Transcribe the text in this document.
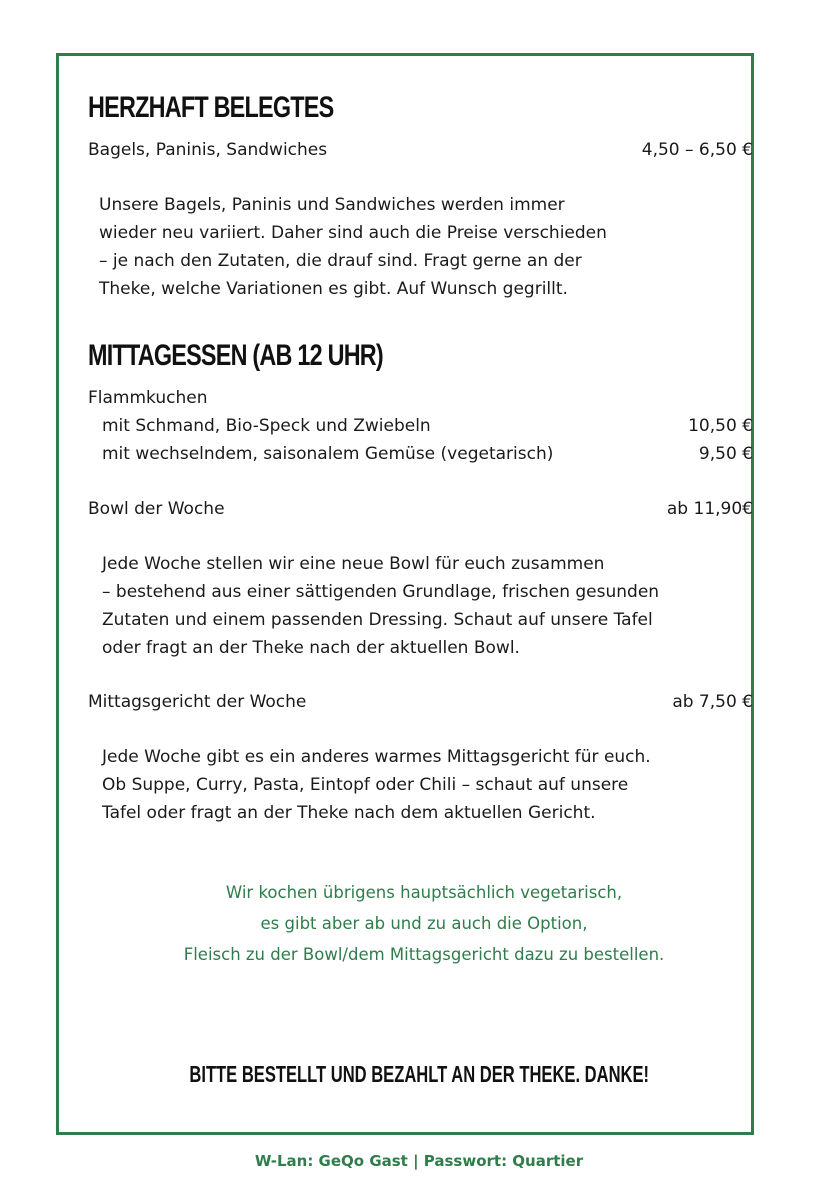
HERZHAFT BELEGTES
Bagels, Paninis, Sandwiches	4,50 – 6,50 €
Unsere Bagels, Paninis und Sandwiches werden immer
wieder neu variiert. Daher sind auch die Preise verschieden
– je nach den Zutaten, die drauf sind. Fragt gerne an der
Theke, welche Variationen es gibt. Auf Wunsch gegrillt.
MITTAGESSEN (AB 12 UHR)
Flammkuchen
mit Schmand, Bio-Speck und Zwiebeln	10,50 €
mit wechselndem, saisonalem Gemüse (vegetarisch)	9,50 €
Bowl der Woche	ab 11,90€
Jede Woche stellen wir eine neue Bowl für euch zusammen
– bestehend aus einer sättigenden Grundlage, frischen gesunden
Zutaten und einem passenden Dressing. Schaut auf unsere Tafel
oder fragt an der Theke nach der aktuellen Bowl.
Mittagsgericht der Woche	ab 7,50 €
Jede Woche gibt es ein anderes warmes Mittagsgericht für euch.
Ob Suppe, Curry, Pasta, Eintopf oder Chili – schaut auf unsere
Tafel oder fragt an der Theke nach dem aktuellen Gericht.
Wir kochen übrigens hauptsächlich vegetarisch,
es gibt aber ab und zu auch die Option,
Fleisch zu der Bowl/dem Mittagsgericht dazu zu bestellen.
BITTE BESTELLT UND BEZAHLT AN DER THEKE. DANKE!
W-Lan: GeQo Gast | Passwort: Quartier
